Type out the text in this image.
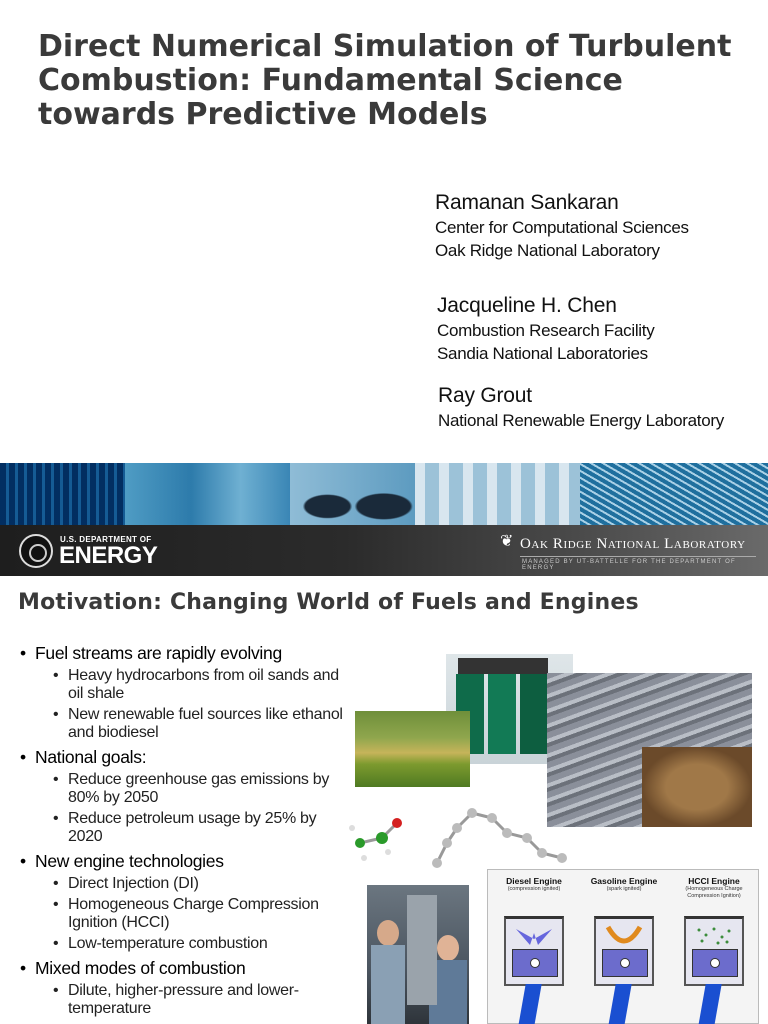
Direct Numerical Simulation of Turbulent Combustion: Fundamental Science towards Predictive Models
Ramanan Sankaran
Center for Computational Sciences
Oak Ridge National Laboratory
Jacqueline H. Chen
Combustion Research Facility
Sandia National Laboratories
Ray Grout
National Renewable Energy Laboratory
U.S. DEPARTMENT OF
ENERGY
❦ Oak Ridge National Laboratory
MANAGED BY UT-BATTELLE FOR THE DEPARTMENT OF ENERGY
Motivation: Changing World of Fuels and Engines
• Fuel streams are rapidly evolving
• Heavy hydrocarbons from oil sands and oil shale
• New renewable fuel sources like ethanol and biodiesel
• National goals:
• Reduce greenhouse gas emissions by 80% by 2050
• Reduce petroleum usage by 25% by 2020
• New engine technologies
• Direct Injection (DI)
• Homogeneous Charge Compression Ignition (HCCI)
• Low-temperature combustion
• Mixed modes of combustion
• Dilute, higher-pressure and lower-temperature
Diesel Engine
(compression ignited)
Gasoline Engine
(spark ignited)
HCCI Engine
(Homogeneous Charge Compression Ignition)
